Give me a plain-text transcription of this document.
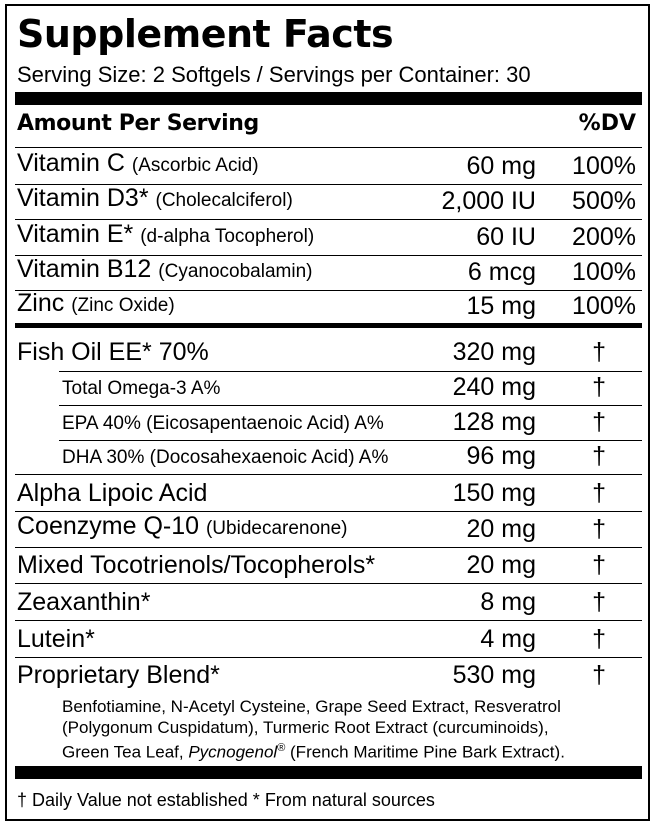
Supplement Facts
Serving Size: 2 Softgels / Servings per Container: 30
Amount Per Serving	%DV
Vitamin C (Ascorbic Acid)	60 mg 100%
Vitamin D3* (Cholecalciferol)	2,000 IU 500%
Vitamin E* (d-alpha Tocopherol)	60 IU 200%
Vitamin B12 (Cyanocobalamin)	6 mcg 100%
Zinc (Zinc Oxide)	15 mg 100%
Fish Oil EE* 70%	320 mg †
Total Omega-3 A%	240 mg †
EPA 40% (Eicosapentaenoic Acid) A%	128 mg †
DHA 30% (Docosahexaenoic Acid) A%	96 mg †
Alpha Lipoic Acid	150 mg †
Coenzyme Q-10 (Ubidecarenone)	20 mg †
Mixed Tocotrienols/Tocopherols*	20 mg †
Zeaxanthin*	8 mg †
Lutein*	4 mg †
Proprietary Blend*	530 mg †
Benfotiamine, N-Acetyl Cysteine, Grape Seed Extract, Resveratrol
(Polygonum Cuspidatum), Turmeric Root Extract (curcuminoids),
Green Tea Leaf, Pycnogenol® (French Maritime Pine Bark Extract).
† Daily Value not established * From natural sources
